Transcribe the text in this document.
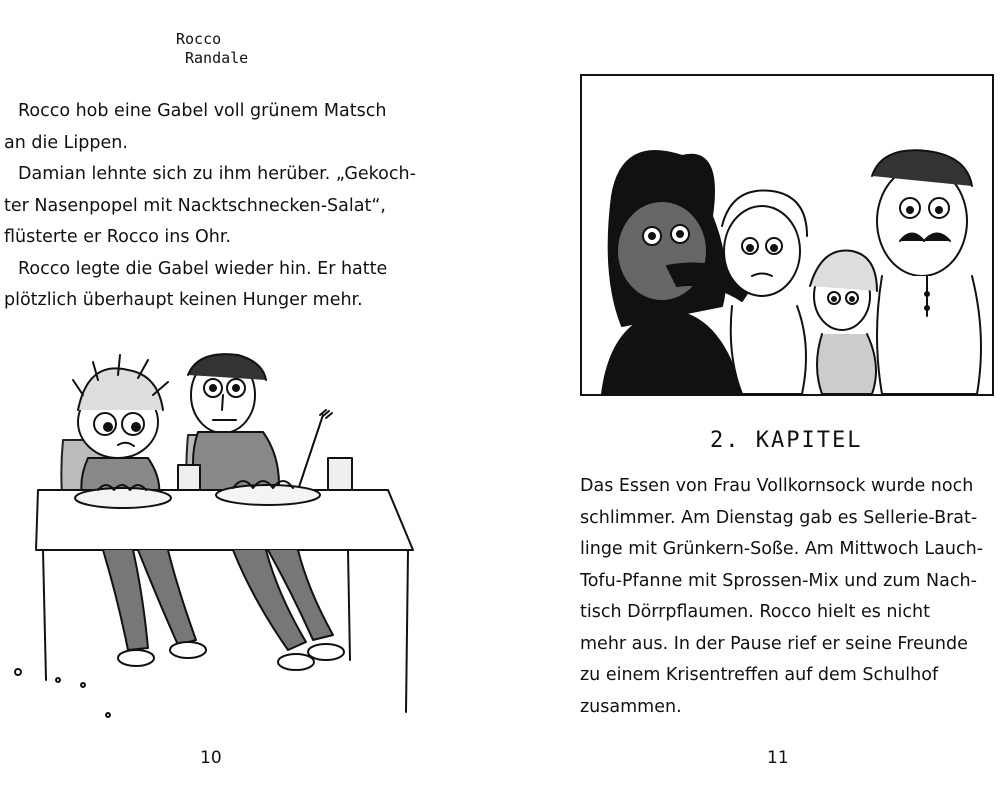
Rocco
Randale

Rocco hob eine Gabel voll grünem Matsch

an die Lippen.

Damian lehnte sich zu ihm herüber. „Gekoch-

ter Nasenpopel mit Nacktschnecken-Salat“,

flüsterte er Rocco ins Ohr.

Rocco legte die Gabel wieder hin. Er hatte

plötzlich überhaupt keinen Hunger mehr.

10
2. KAPITEL

Das Essen von Frau Vollkornsock wurde noch

schlimmer. Am Dienstag gab es Sellerie-Brat-

linge mit Grünkern-Soße. Am Mittwoch Lauch-

Tofu-Pfanne mit Sprossen-Mix und zum Nach-

tisch Dörrpflaumen. Rocco hielt es nicht

mehr aus. In der Pause rief er seine Freunde

zu einem Krisentreffen auf dem Schulhof

zusammen.

11
